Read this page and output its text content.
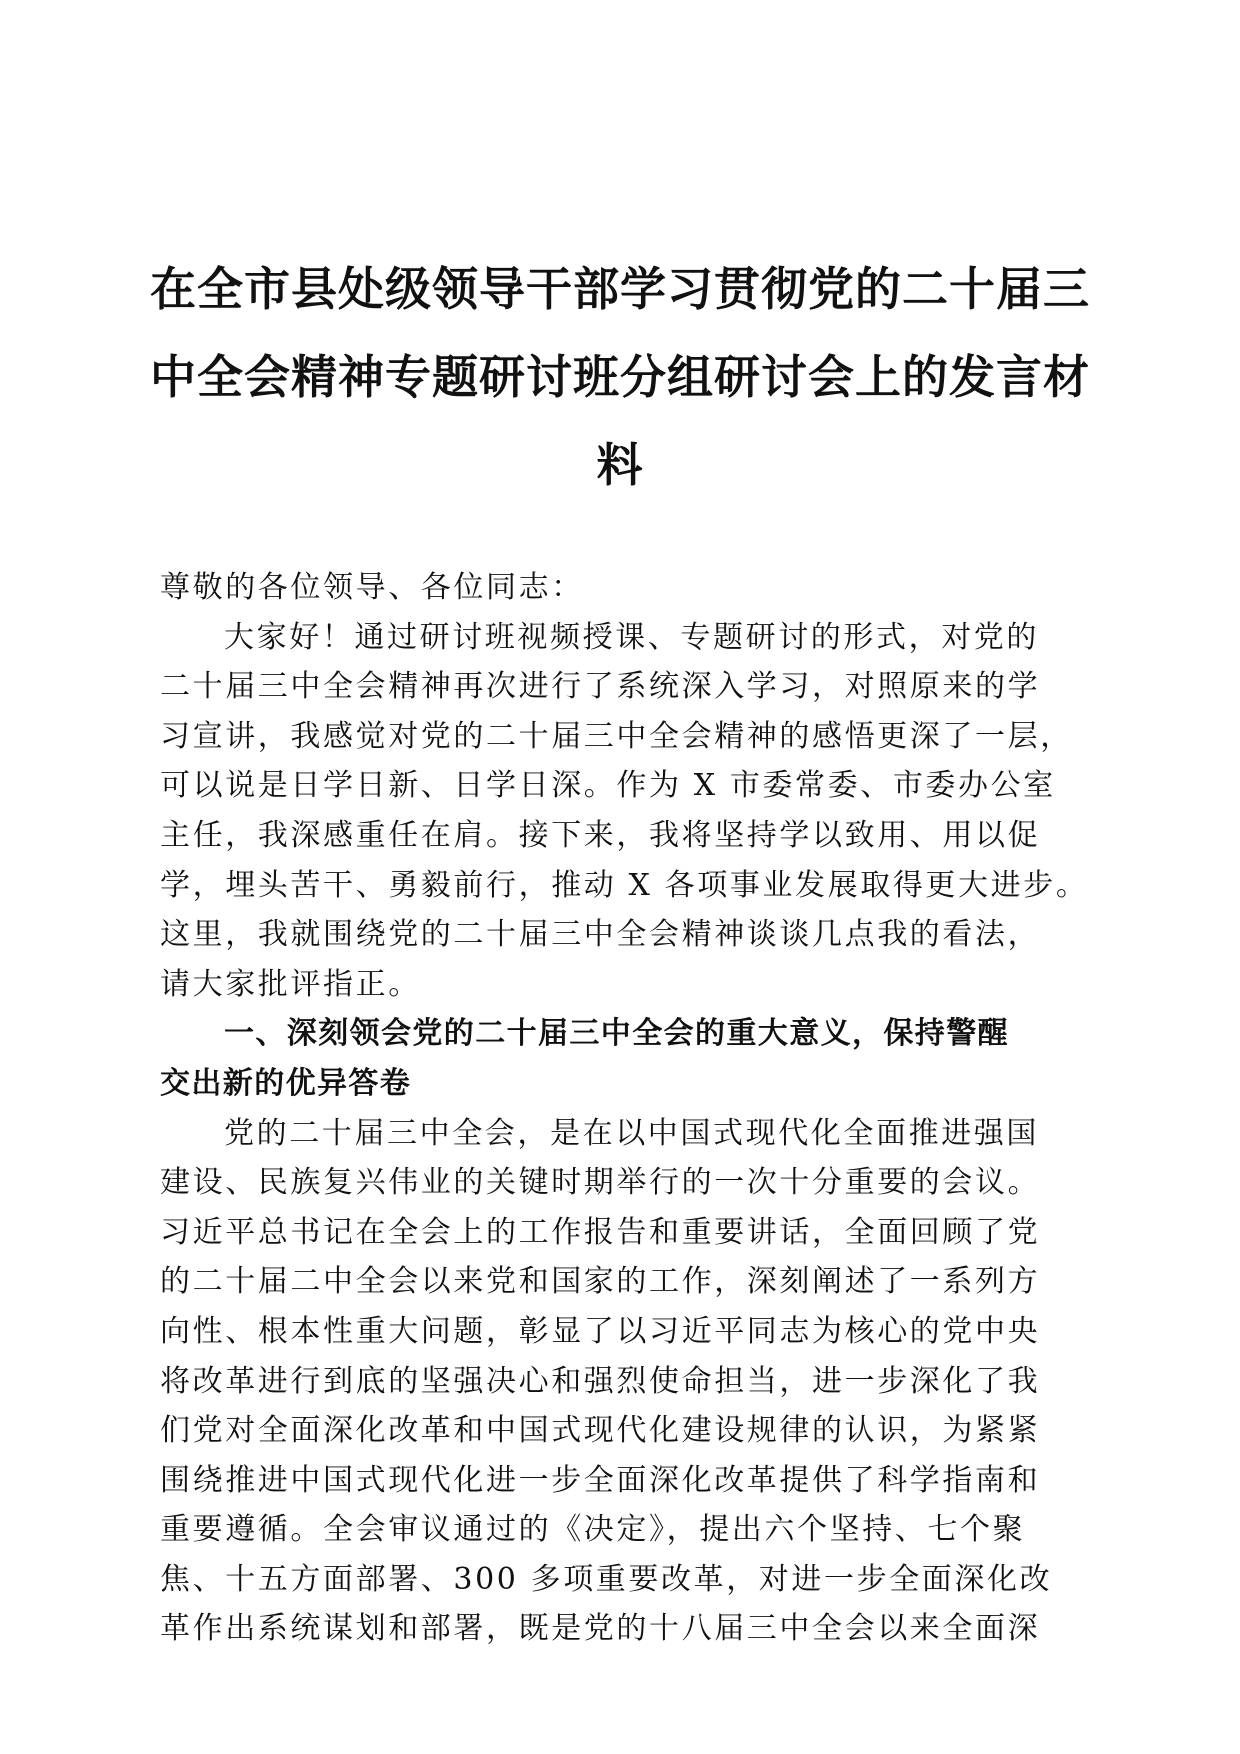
在全市县处级领导干部学习贯彻党的二十届三
中全会精神专题研讨班分组研讨会上的发言材
料
尊敬的各位领导、各位同志：
大家好！通过研讨班视频授课、专题研讨的形式，对党的
二十届三中全会精神再次进行了系统深入学习，对照原来的学
习宣讲，我感觉对党的二十届三中全会精神的感悟更深了一层，
可以说是日学日新、日学日深。作为 X 市委常委、市委办公室
主任，我深感重任在肩。接下来，我将坚持学以致用、用以促
学，埋头苦干、勇毅前行，推动 X 各项事业发展取得更大进步。
这里，我就围绕党的二十届三中全会精神谈谈几点我的看法，
请大家批评指正。
一、深刻领会党的二十届三中全会的重大意义，保持警醒
交出新的优异答卷
党的二十届三中全会，是在以中国式现代化全面推进强国
建设、民族复兴伟业的关键时期举行的一次十分重要的会议。
习近平总书记在全会上的工作报告和重要讲话，全面回顾了党
的二十届二中全会以来党和国家的工作，深刻阐述了一系列方
向性、根本性重大问题，彰显了以习近平同志为核心的党中央
将改革进行到底的坚强决心和强烈使命担当，进一步深化了我
们党对全面深化改革和中国式现代化建设规律的认识，为紧紧
围绕推进中国式现代化进一步全面深化改革提供了科学指南和
重要遵循。全会审议通过的《决定》，提出六个坚持、七个聚
焦、十五方面部署、300 多项重要改革，对进一步全面深化改
革作出系统谋划和部署，既是党的十八届三中全会以来全面深
